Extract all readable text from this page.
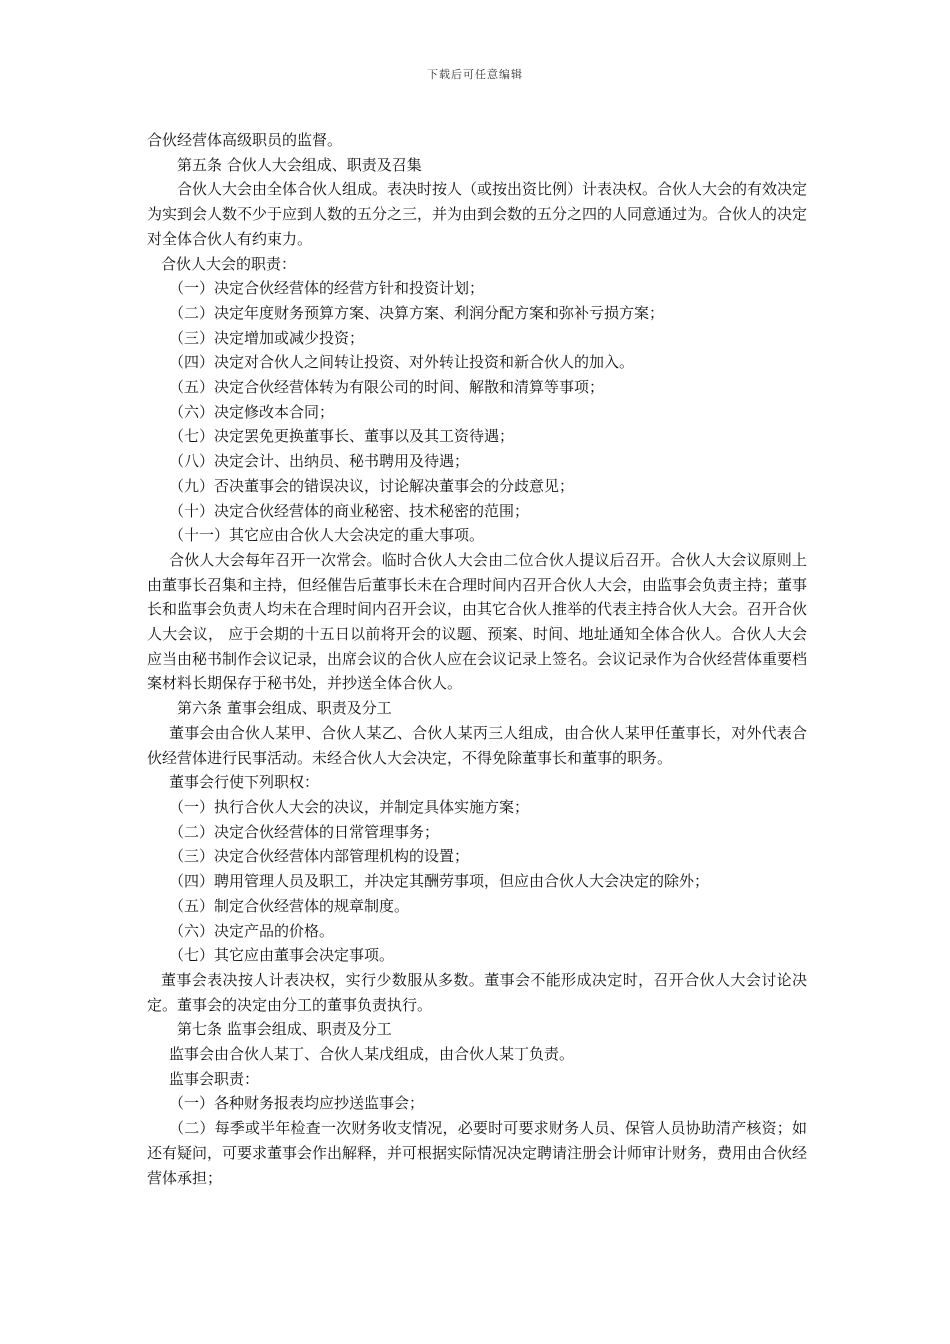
下载后可任意编辑

合伙经营体高级职员的监督。

第五条 合伙人大会组成、职责及召集

合伙人大会由全体合伙人组成。表决时按人（或按出资比例）计表决权。合伙人大会的有效决定为实到会人数不少于应到人数的五分之三，并为由到会数的五分之四的人同意通过为。合伙人的决定对全体合伙人有约束力。

合伙人大会的职责：

（一）决定合伙经营体的经营方针和投资计划；

（二）决定年度财务预算方案、决算方案、利润分配方案和弥补亏损方案；

（三）决定增加或减少投资；

（四）决定对合伙人之间转让投资、对外转让投资和新合伙人的加入。

（五）决定合伙经营体转为有限公司的时间、解散和清算等事项；

（六）决定修改本合同；

（七）决定罢免更换董事长、董事以及其工资待遇；

（八）决定会计、出纳员、秘书聘用及待遇；

（九）否决董事会的错误决议，讨论解决董事会的分歧意见；

（十）决定合伙经营体的商业秘密、技术秘密的范围；

（十一）其它应由合伙人大会决定的重大事项。

合伙人大会每年召开一次常会。临时合伙人大会由二位合伙人提议后召开。合伙人大会议原则上由董事长召集和主持，但经催告后董事长未在合理时间内召开合伙人大会，由监事会负责主持；董事长和监事会负责人均未在合理时间内召开会议，由其它合伙人推举的代表主持合伙人大会。召开合伙人大会议， 应于会期的十五日以前将开会的议题、预案、时间、地址通知全体合伙人。合伙人大会应当由秘书制作会议记录，出席会议的合伙人应在会议记录上签名。会议记录作为合伙经营体重要档案材料长期保存于秘书处，并抄送全体合伙人。

第六条 董事会组成、职责及分工

董事会由合伙人某甲、合伙人某乙、合伙人某丙三人组成，由合伙人某甲任董事长，对外代表合伙经营体进行民事活动。未经合伙人大会决定，不得免除董事长和董事的职务。

董事会行使下列职权：

（一）执行合伙人大会的决议，并制定具体实施方案；

（二）决定合伙经营体的日常管理事务；

（三）决定合伙经营体内部管理机构的设置；

（四）聘用管理人员及职工，并决定其酬劳事项，但应由合伙人大会决定的除外；

（五）制定合伙经营体的规章制度。

（六）决定产品的价格。

（七）其它应由董事会决定事项。

董事会表决按人计表决权，实行少数服从多数。董事会不能形成决定时，召开合伙人大会讨论决定。董事会的决定由分工的董事负责执行。

第七条 监事会组成、职责及分工

监事会由合伙人某丁、合伙人某戊组成，由合伙人某丁负责。

监事会职责：

（一）各种财务报表均应抄送监事会；

（二）每季或半年检查一次财务收支情况，必要时可要求财务人员、保管人员协助清产核资；如还有疑问，可要求董事会作出解释，并可根据实际情况决定聘请注册会计师审计财务，费用由合伙经营体承担；
